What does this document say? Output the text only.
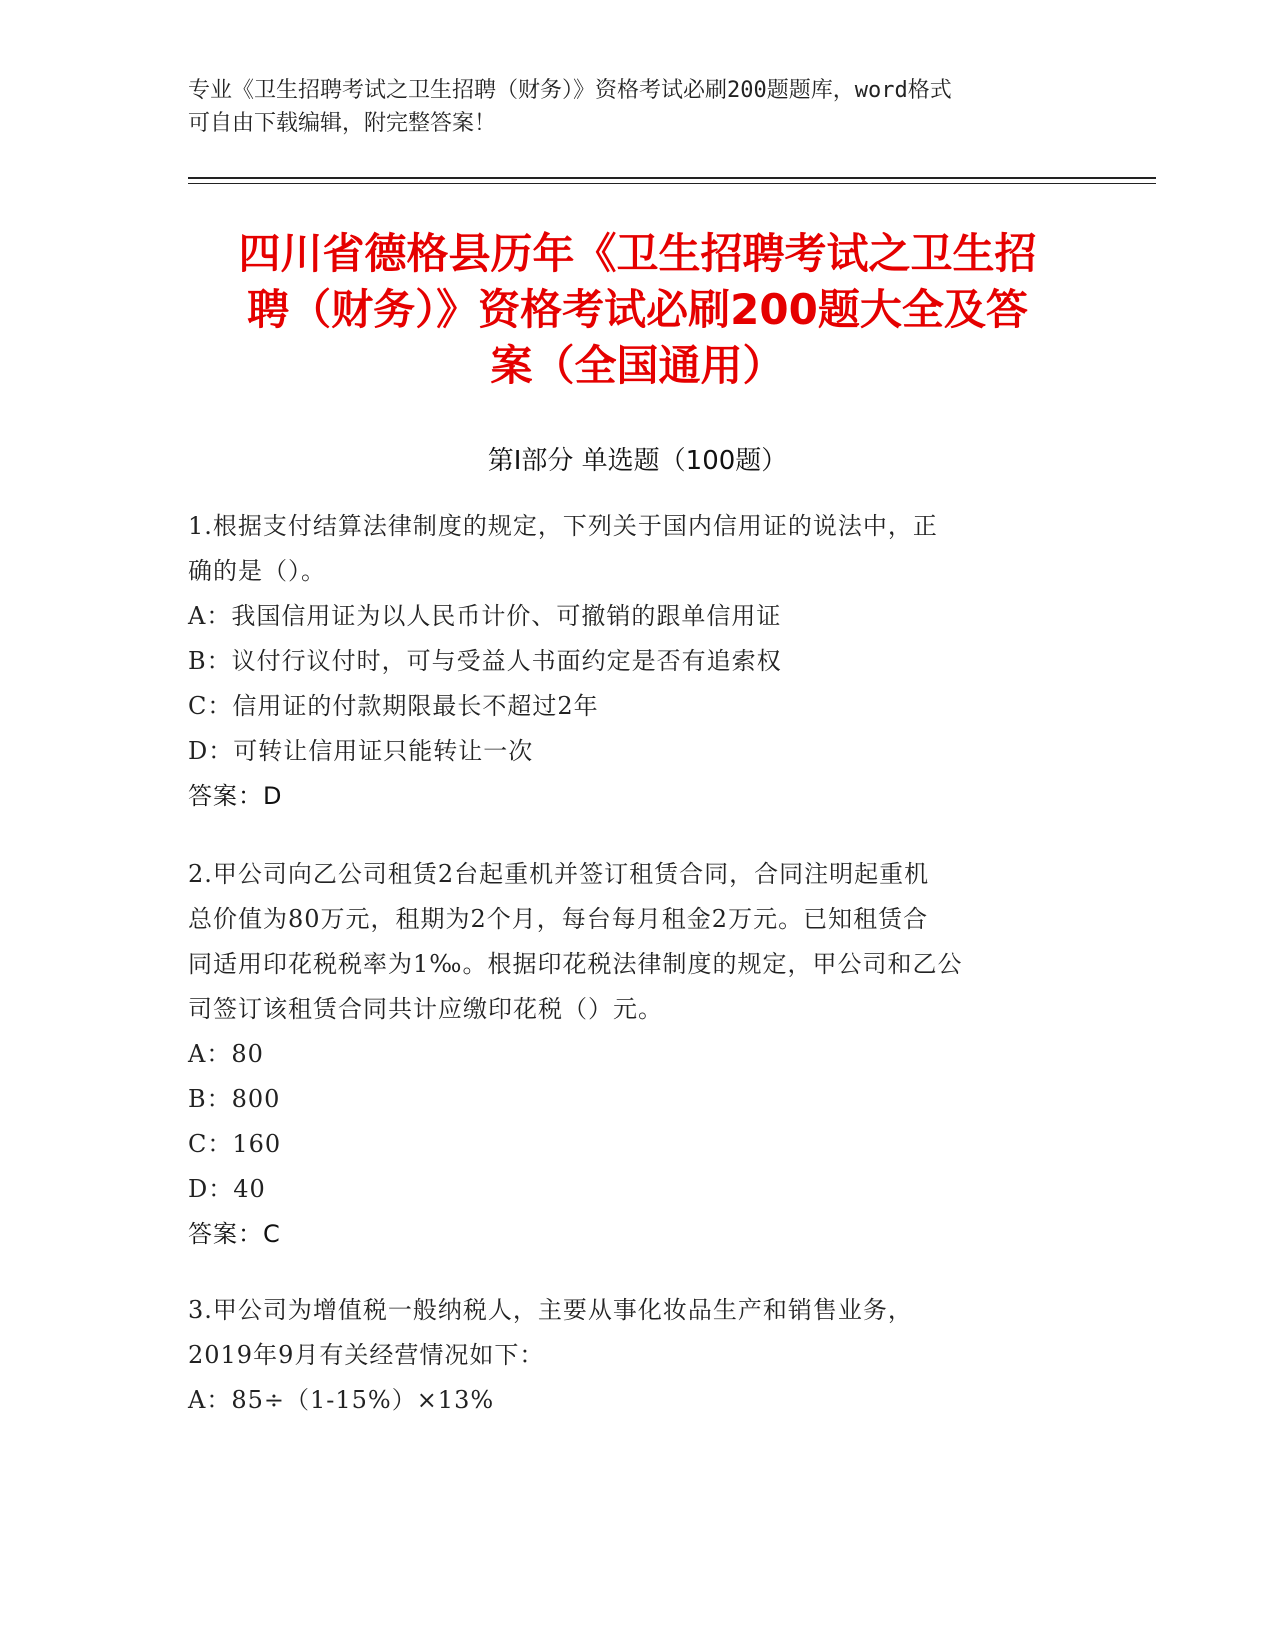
专业《卫生招聘考试之卫生招聘（财务）》资格考试必刷200题题库，word格式
可自由下载编辑，附完整答案！
四川省德格县历年《卫生招聘考试之卫生招
聘（财务）》资格考试必刷200题大全及答
案（全国通用）
第Ⅰ部分 单选题（100题）

1.根据支付结算法律制度的规定，下列关于国内信用证的说法中，正

确的是（）。

A：我国信用证为以人民币计价、可撤销的跟单信用证

B：议付行议付时，可与受益人书面约定是否有追索权

C：信用证的付款期限最长不超过2年

D：可转让信用证只能转让一次

答案：D

2.甲公司向乙公司租赁2台起重机并签订租赁合同，合同注明起重机

总价值为80万元，租期为2个月，每台每月租金2万元。已知租赁合

同适用印花税税率为1‰。根据印花税法律制度的规定，甲公司和乙公

司签订该租赁合同共计应缴印花税（）元。

A：80

B：800

C：160

D：40

答案：C

3.甲公司为增值税一般纳税人，主要从事化妆品生产和销售业务，

2019年9月有关经营情况如下：

A：85÷（1-15%）×13%
